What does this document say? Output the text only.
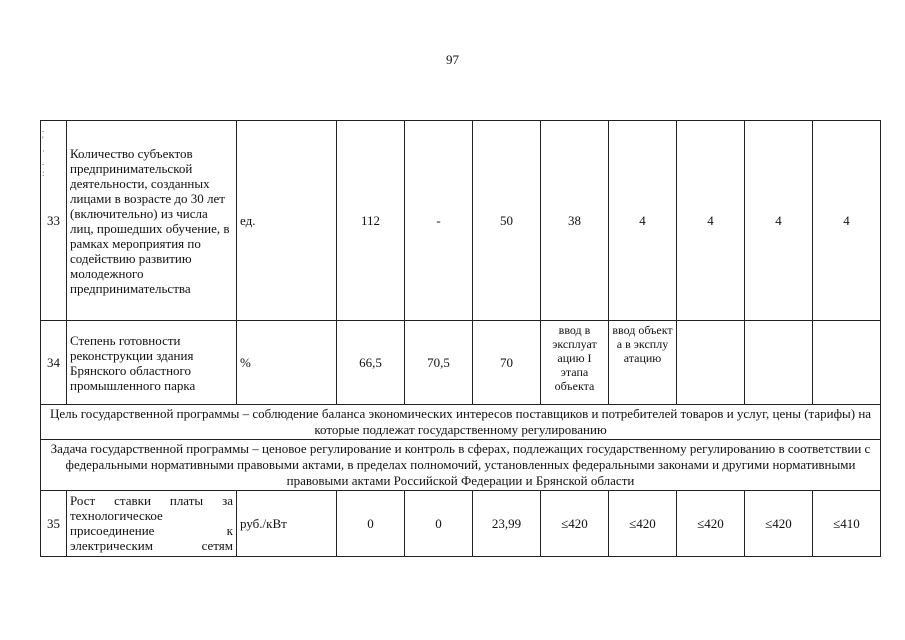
97
33	Количество субъектов предпринимательской деятельности, созданных лицами в возрасте до 30 лет (включительно) из числа лиц, прошедших обучение, в рамках мероприятия по содействию развитию молодежного предпринимательства	ед.	112	-	50	38	4	4	4	4
34	Степень готовности реконструкции здания Брянского областного промышленного парка	%	66,5	70,5	70	ввод в эксплуат ацию I этапа объекта	ввод объект а в эксплу атацию			

Цель государственной программы – соблюдение баланса экономических интересов поставщиков и потребителей товаров и услуг, цены (тарифы) на которые подлежат государственному регулированию										
Задача государственной программы – ценовое регулирование и контроль в сферах, подлежащих государственному регулированию в соответствии с федеральными нормативными правовыми актами, в пределах полномочий, установленных федеральными законами и другими нормативными правовыми актами Российской Федерации и Брянской области										
35	Рост ставки платы за технологическое присоединение к электрическим сетям	руб./кВт	0	0	23,99	≤420	≤420	≤420	≤420	≤410
.
'
·
.
:
